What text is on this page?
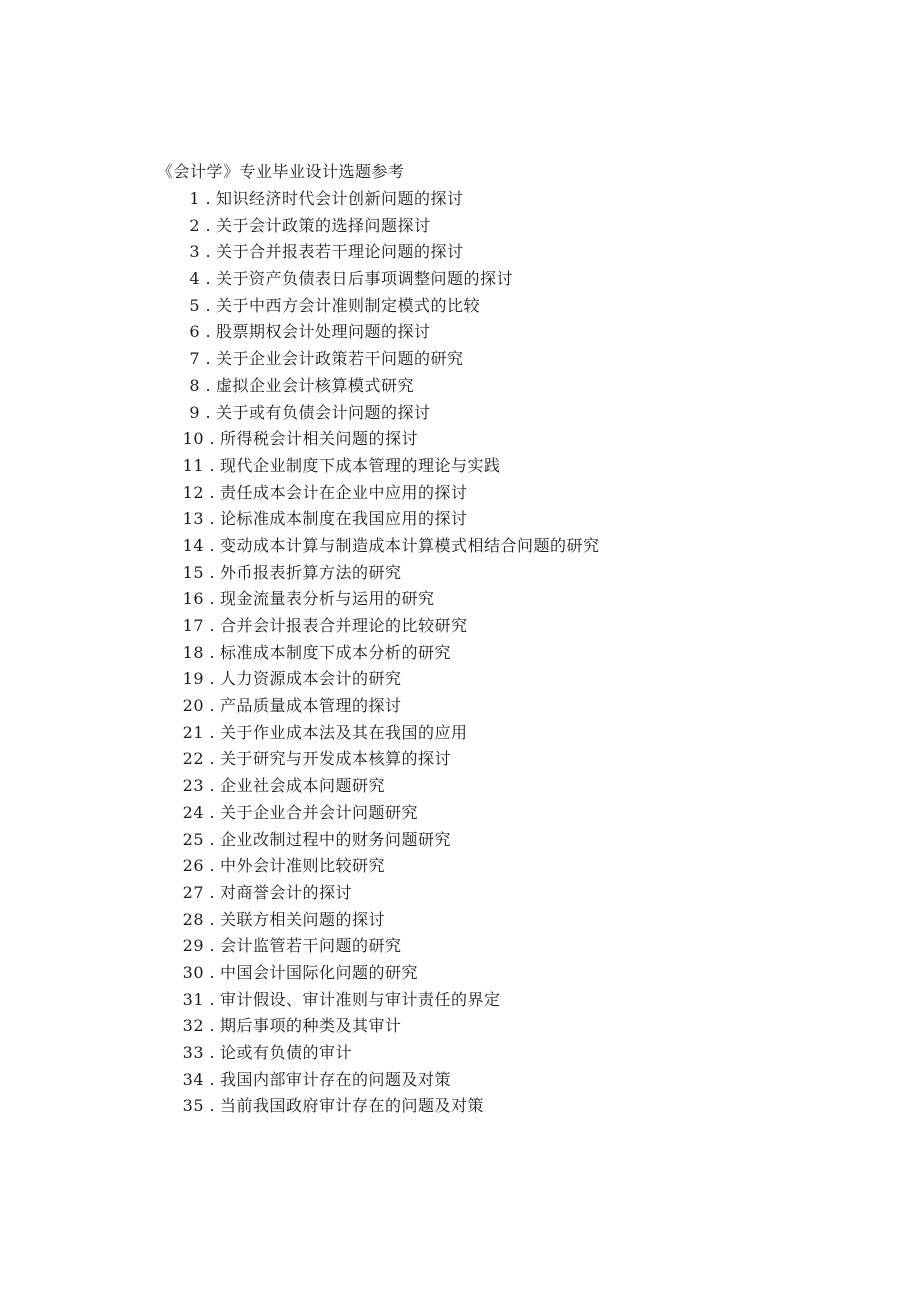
《会计学》专业毕业设计选题参考
1 . 知识经济时代会计创新问题的探讨
2 . 关于会计政策的选择问题探讨
3 . 关于合并报表若干理论问题的探讨
4 . 关于资产负债表日后事项调整问题的探讨
5 . 关于中西方会计准则制定模式的比较
6 . 股票期权会计处理问题的探讨
7 . 关于企业会计政策若干问题的研究
8 . 虚拟企业会计核算模式研究
9 . 关于或有负债会计问题的探讨
10 . 所得税会计相关问题的探讨
11 . 现代企业制度下成本管理的理论与实践
12 . 责任成本会计在企业中应用的探讨
13 . 论标准成本制度在我国应用的探讨
14 . 变动成本计算与制造成本计算模式相结合问题的研究
15 . 外币报表折算方法的研究
16 . 现金流量表分析与运用的研究
17 . 合并会计报表合并理论的比较研究
18 . 标准成本制度下成本分析的研究
19 . 人力资源成本会计的研究
20 . 产品质量成本管理的探讨
21 . 关于作业成本法及其在我国的应用
22 . 关于研究与开发成本核算的探讨
23 . 企业社会成本问题研究
24 . 关于企业合并会计问题研究
25 . 企业改制过程中的财务问题研究
26 . 中外会计准则比较研究
27 . 对商誉会计的探讨
28 . 关联方相关问题的探讨
29 . 会计监管若干问题的研究
30 . 中国会计国际化问题的研究
31 . 审计假设、审计准则与审计责任的界定
32 . 期后事项的种类及其审计
33 . 论或有负债的审计
34 . 我国内部审计存在的问题及对策
35 . 当前我国政府审计存在的问题及对策
